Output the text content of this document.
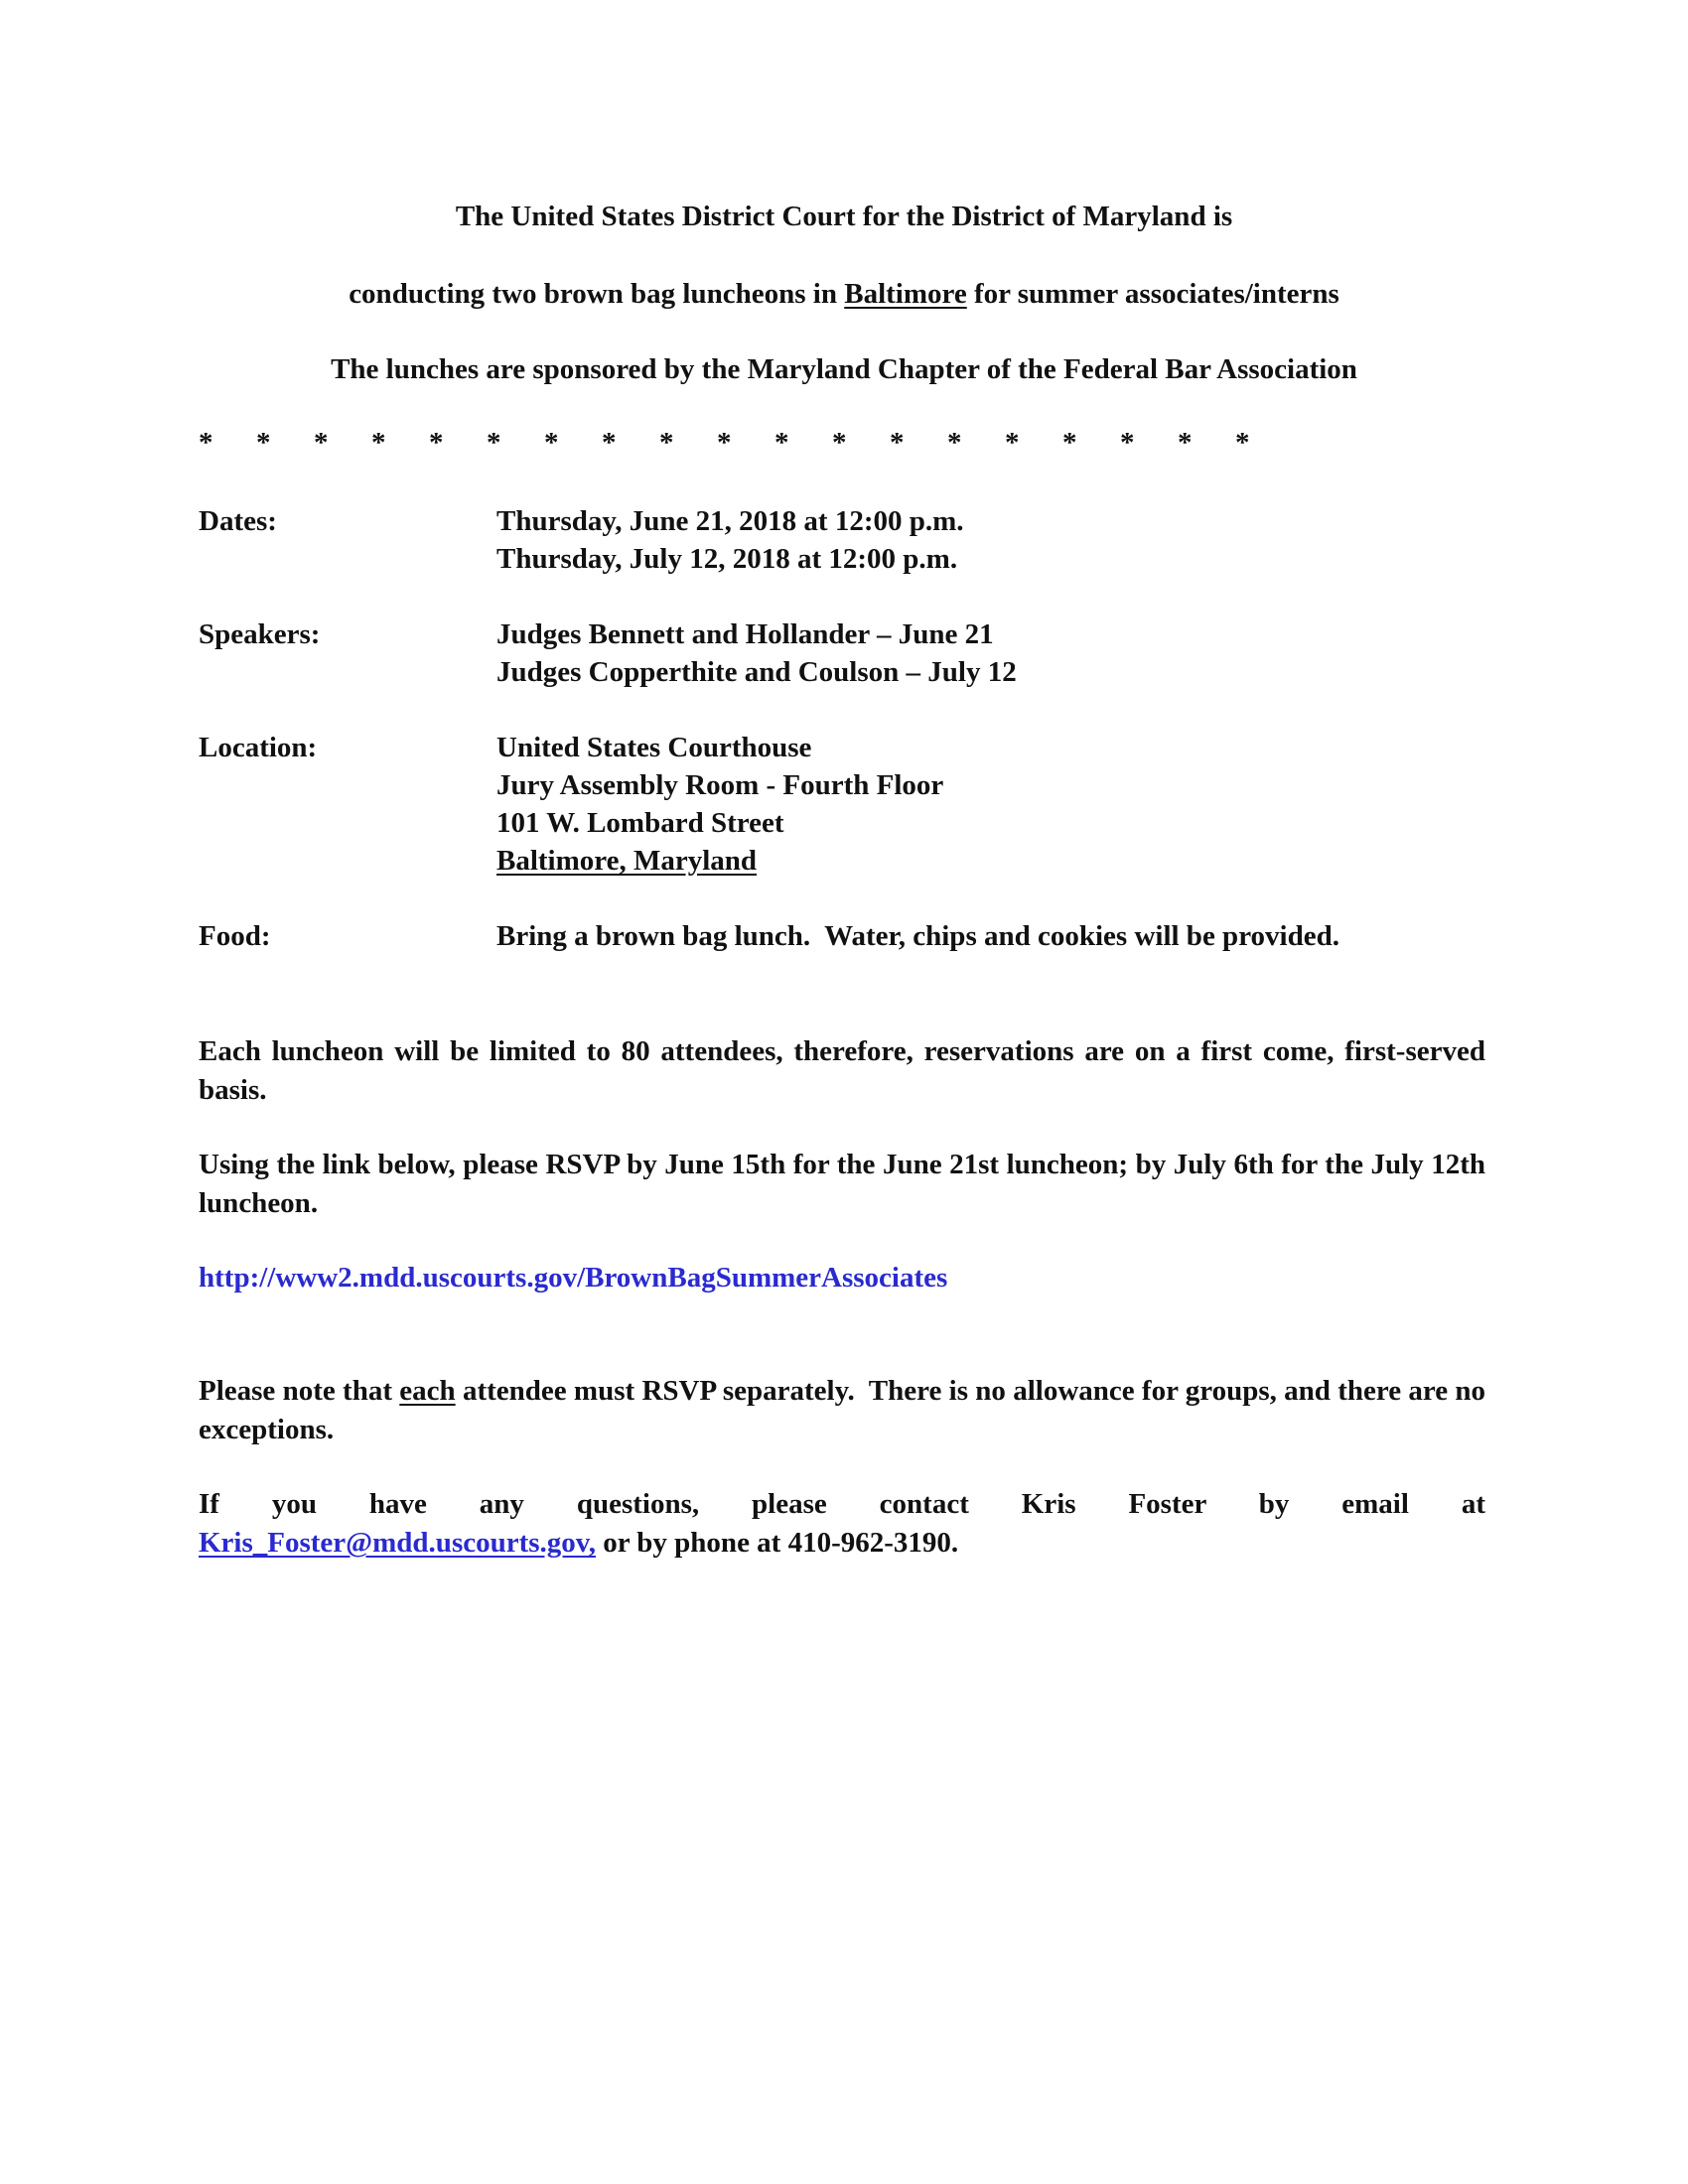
The United States District Court for the District of Maryland is
conducting two brown bag luncheons in Baltimore for summer associates/interns
The lunches are sponsored by the Maryland Chapter of the Federal Bar Association
* * * * * * * * * * * * * * * * * * *
Dates:	Thursday, June 21, 2018 at 12:00 p.m.
Thursday, July 12, 2018 at 12:00 p.m.
Speakers:	Judges Bennett and Hollander – June 21
Judges Copperthite and Coulson – July 12
Location:	United States Courthouse
Jury Assembly Room - Fourth Floor
101 W. Lombard Street
Baltimore, Maryland
Food:	Bring a brown bag lunch.  Water, chips and cookies will be provided.
Each luncheon will be limited to 80 attendees, therefore, reservations are on a first come, first-served basis.
Using the link below, please RSVP by June 15th for the June 21st luncheon; by July 6th for the July 12th luncheon.
http://www2.mdd.uscourts.gov/BrownBagSummerAssociates
Please note that each attendee must RSVP separately.  There is no allowance for groups, and there are no exceptions.
If you have any questions, please contact Kris Foster by email at
Kris_Foster@mdd.uscourts.gov, or by phone at 410-962-3190.
